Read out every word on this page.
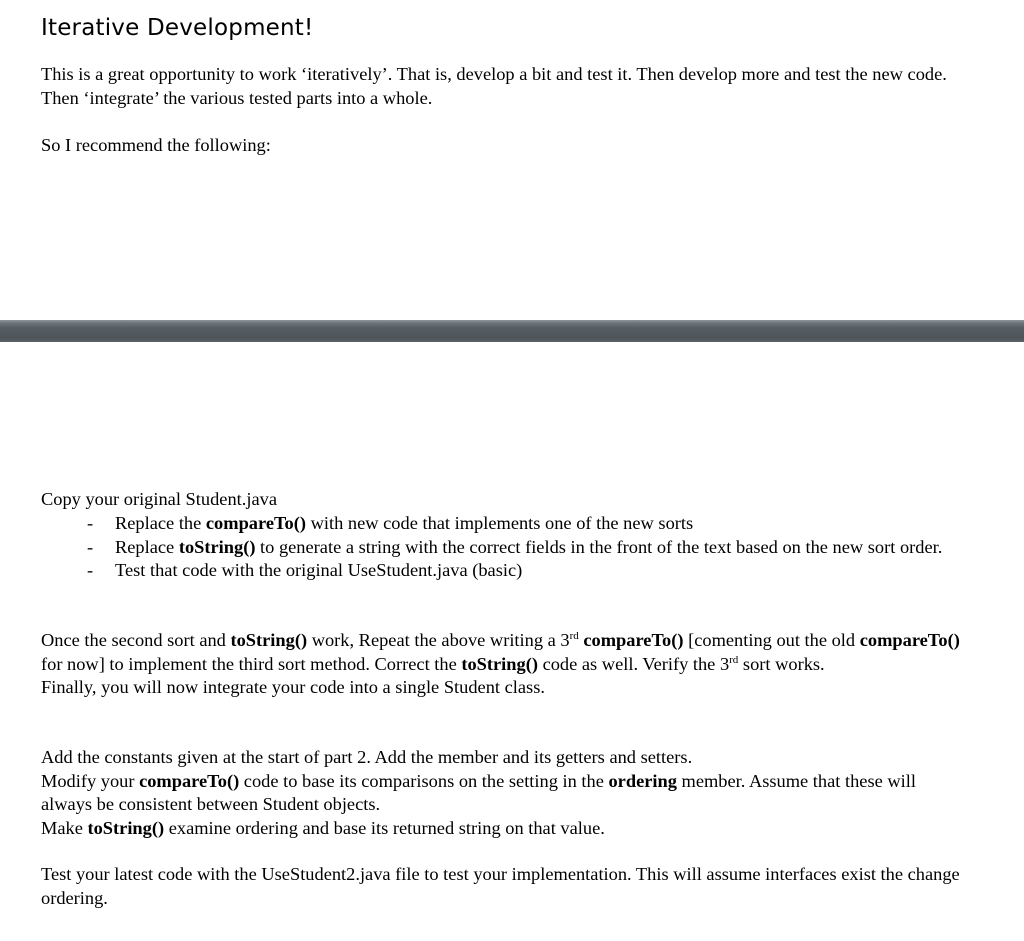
Iterative Development!

This is a great opportunity to work ‘iteratively’. That is, develop a bit and test it. Then develop more and test the new code. Then ‘integrate’ the various tested parts into a whole.

So I recommend the following:

Copy your original Student.java

- Replace the compareTo() with new code that implements one of the new sorts
- Replace toString() to generate a string with the correct fields in the front of the text based on the new sort order.
- Test that code with the original UseStudent.java (basic)

Once the second sort and toString() work, Repeat the above writing a 3rd compareTo() [comenting out the old compareTo() for now] to implement the third sort method. Correct the toString() code as well. Verify the 3rd sort works.
Finally, you will now integrate your code into a single Student class.

Add the constants given at the start of part 2. Add the member and its getters and setters.
Modify your compareTo() code to base its comparisons on the setting in the ordering member. Assume that these will always be consistent between Student objects.
Make toString() examine ordering and base its returned string on that value.

Test your latest code with the UseStudent2.java file to test your implementation. This will assume interfaces exist the change ordering.
